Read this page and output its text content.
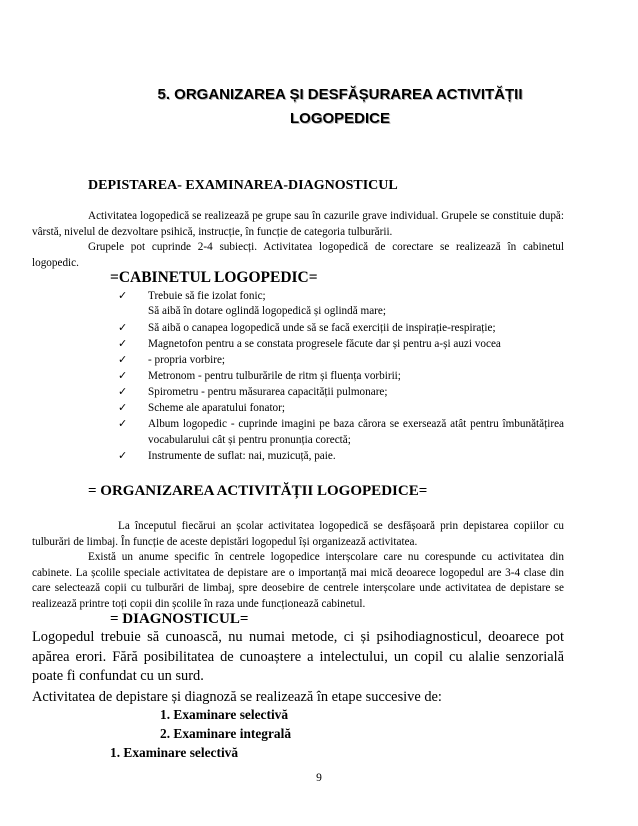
5. ORGANIZAREA ȘI DESFĂȘURAREA ACTIVITĂȚII
LOGOPEDICE
DEPISTAREA- EXAMINAREA-DIAGNOSTICUL
Activitatea logopedică se realizează pe grupe sau în cazurile grave individual. Grupele se constituie după: vârstă, nivelul de dezvoltare psihică, instrucție, în funcție de categoria tulburării.
Grupele pot cuprinde 2-4 subiecți. Activitatea logopedică de corectare se realizează în cabinetul logopedic.
=CABINETUL LOGOPEDIC=
✓	Trebuie să fie izolat fonic;
Să aibă în dotare oglindă logopedică și oglindă mare;
✓	Să aibă o canapea logopedică unde să se facă exerciții de inspirație-respirație;
✓	Magnetofon pentru a se constata progresele făcute dar și pentru a-și auzi vocea
✓	- propria vorbire;
✓	Metronom - pentru tulburările de ritm și fluența vorbirii;
✓	Spirometru - pentru măsurarea capacității pulmonare;
✓	Scheme ale aparatului fonator;
✓	Album logopedic - cuprinde imagini pe baza cărora se exersează atât pentru îmbunătățirea vocabularului cât și pentru pronunția corectă;
✓	Instrumente de suflat: nai, muzicuță, paie.
= ORGANIZAREA ACTIVITĂȚII LOGOPEDICE=
La începutul fiecărui an școlar activitatea logopedică se desfășoară prin depistarea copiilor cu tulburări de limbaj. În funcție de aceste depistări logopedul își organizează activitatea.
Există un anume specific în centrele logopedice interșcolare care nu corespunde cu activitatea din cabinete. La școlile speciale activitatea de depistare are o importanță mai mică deoarece logopedul are 3-4 clase din care selectează copii cu tulburări de limbaj, spre deosebire de centrele interșcolare unde activitatea de depistare se realizează printre toți copii din școlile în raza unde funcționează cabinetul.
= DIAGNOSTICUL=
Logopedul trebuie să cunoască, nu numai metode, ci și psihodiagnosticul, deoarece pot apărea erori. Fără posibilitatea de cunoaștere a intelectului, un copil cu alalie senzorială poate fi confundat cu un surd.
Activitatea de depistare și diagnoză se realizează în etape succesive de:
1. Examinare selectivă
2. Examinare integrală
1. Examinare selectivă
9
